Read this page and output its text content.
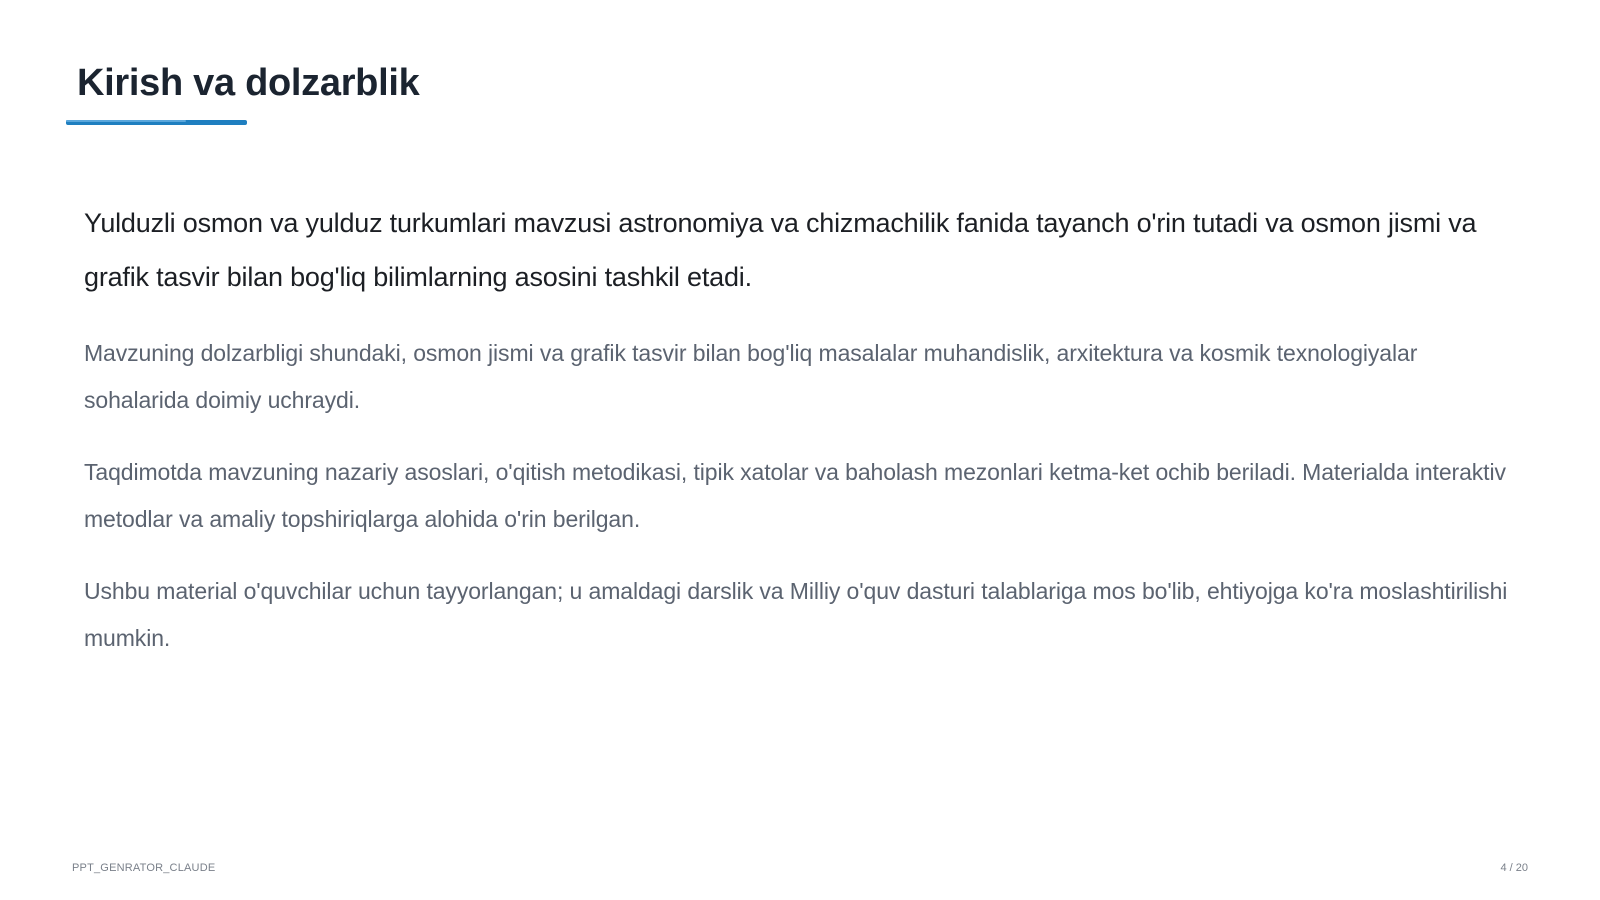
Kirish va dolzarblik

Yulduzli osmon va yulduz turkumlari mavzusi astronomiya va chizmachilik fanida tayanch o'rin tutadi va osmon jismi va grafik tasvir bilan bog'liq bilimlarning asosini tashkil etadi.

Mavzuning dolzarbligi shundaki, osmon jismi va grafik tasvir bilan bog'liq masalalar muhandislik, arxitektura va kosmik texnologiyalar sohalarida doimiy uchraydi.

Taqdimotda mavzuning nazariy asoslari, o'qitish metodikasi, tipik xatolar va baholash mezonlari ketma-ket ochib beriladi. Materialda interaktiv metodlar va amaliy topshiriqlarga alohida o'rin berilgan.

Ushbu material o'quvchilar uchun tayyorlangan; u amaldagi darslik va Milliy o'quv dasturi talablariga mos bo'lib, ehtiyojga ko'ra moslashtirilishi mumkin.

PPT_GENRATOR_CLAUDE	4 / 20
